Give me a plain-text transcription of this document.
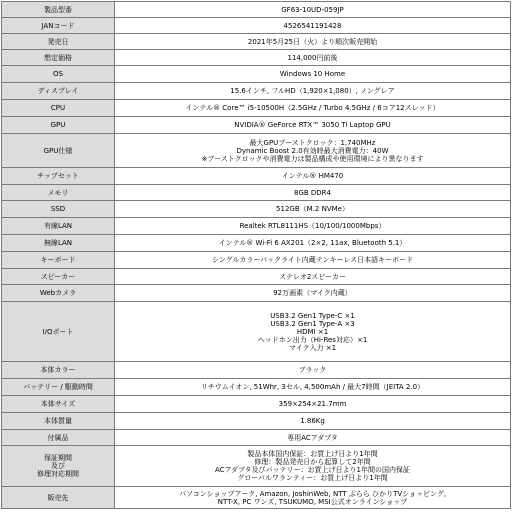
製品型番	GF63-10UD-059JP

JANコード	4526541191428

発売日	2021年5月25日（火）より順次販売開始

想定価格	114,000円前後

OS	Windows 10 Home

ディスプレイ	15.6インチ, フルHD（1,920×1,080）, ノングレア

CPU	インテル® Core™ i5-10500H（2.5GHz / Turbo 4.5GHz / 6コア12スレッド）

GPU	NVIDIA® GeForce RTX™ 3050 Ti Laptop GPU

GPU仕様	最大GPUブーストクロック：1,740MHz
Dynamic Boost 2.0有効時最大消費電力：40W
※ブーストクロックや消費電力は製品構成や使用環境により異なります

チップセット	インテル® HM470

メモリ	8GB DDR4

SSD	512GB（M.2 NVMe）

有線LAN	Realtek RTL8111HS（10/100/1000Mbps）

無線LAN	インテル® Wi-Fi 6 AX201（2×2, 11ax, Bluetooth 5.1）

キーボード	シングルカラーバックライト内蔵テンキーレス日本語キーボード

スピーカー	ステレオ2スピーカー

Webカメラ	92万画素（マイク内蔵）

I/Oポート	USB3.2 Gen1 Type-C ×1
USB3.2 Gen1 Type-A ×3
HDMI ×1
ヘッドホン出力（Hi-Res対応）×1
マイク入力 ×1

本体カラー	ブラック

バッテリー / 駆動時間	リチウムイオン, 51Whr, 3セル, 4,500mAh / 最大7時間（JEITA 2.0）

本体サイズ	359×254×21.7mm

本体質量	1.86Kg

付属品	専用ACアダプタ

保証期間
及び
修理対応期間	製品本体国内保証：お買上げ日より1年間
修理：製品発売日から起算して2年間
ACアダプタ及びバッテリー：お買上げ日より1年間の国内保証
グローバルワランティー：お買上げ日より1年間

販売先	パソコンショップアーク, Amazon, JoshinWeb, NTT ぷらら ひかりTVショッピング,
NTT-X, PC ワンズ, TSUKUMO, MSI公式オンラインショップ
